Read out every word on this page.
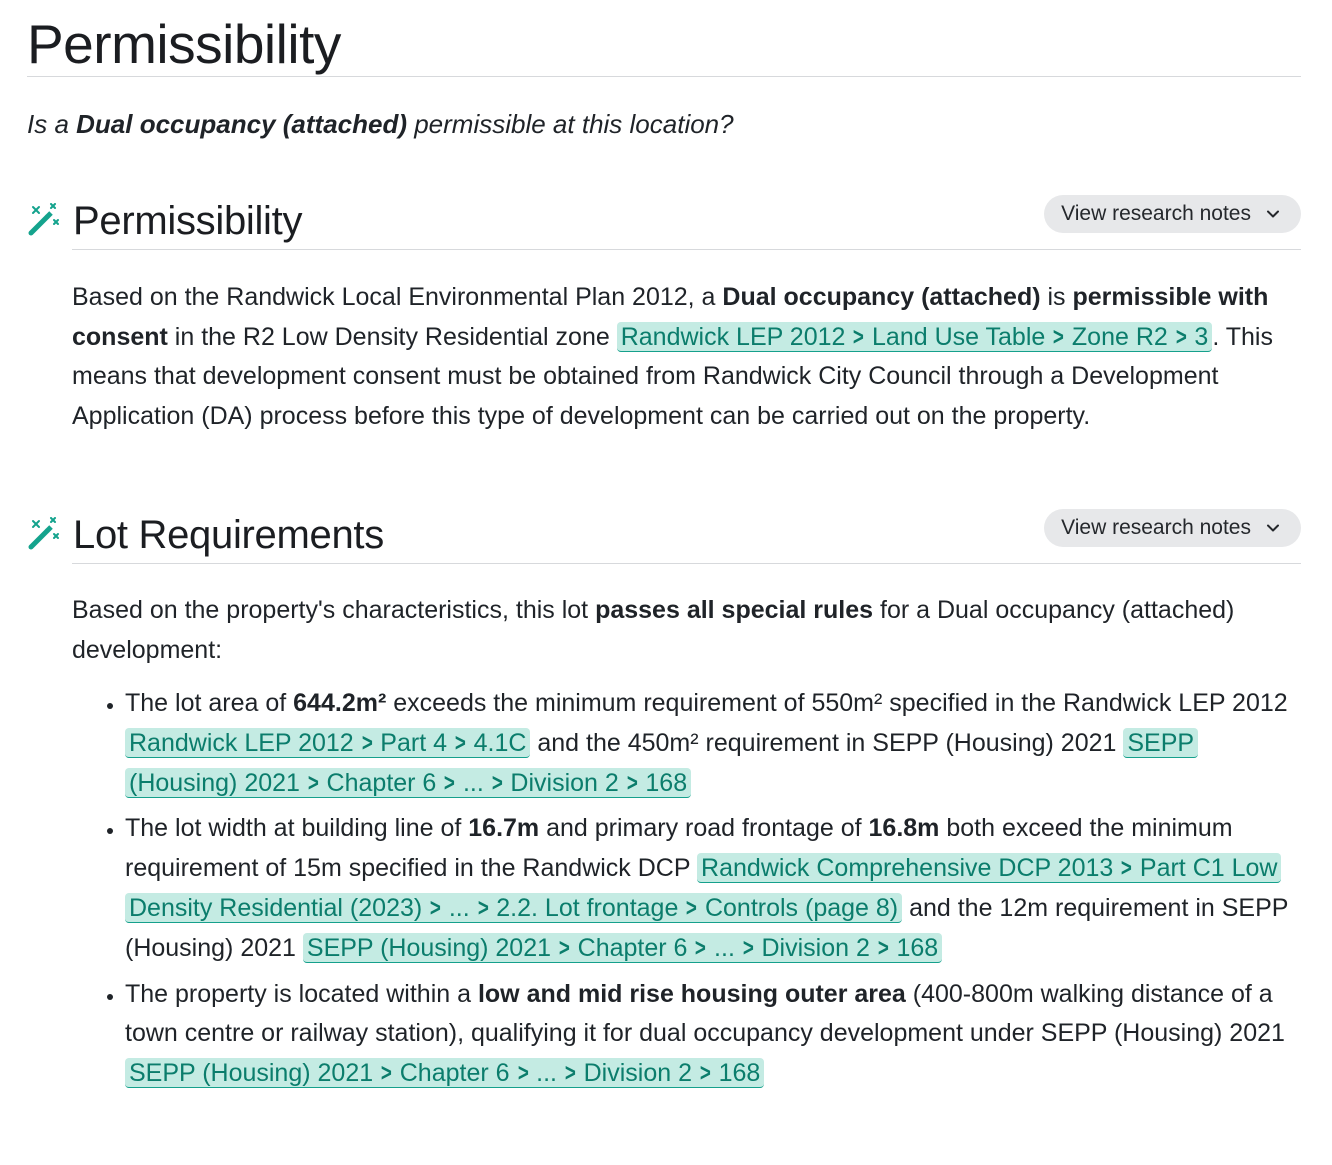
Permissibility
Is a Dual occupancy (attached) permissible at this location?
Permissibility	View research notes
Based on the Randwick Local Environmental Plan 2012, a Dual occupancy (attached) is permissible with consent in the R2 Low Density Residential zone Randwick LEP 2012 > Land Use Table > Zone R2 > 3 . This means that development consent must be obtained from Randwick City Council through a Development Application (DA) process before this type of development can be carried out on the property.
Lot Requirements	View research notes
Based on the property's characteristics, this lot passes all special rules for a Dual occupancy (attached) development:
• The lot area of 644.2m² exceeds the minimum requirement of 550m² specified in the Randwick LEP 2012 Randwick LEP 2012 > Part 4 > 4.1C and the 450m² requirement in SEPP (Housing) 2021 SEPP (Housing) 2021 > Chapter 6 > ... > Division 2 > 168
• The lot width at building line of 16.7m and primary road frontage of 16.8m both exceed the minimum requirement of 15m specified in the Randwick DCP Randwick Comprehensive DCP 2013 > Part C1 Low Density Residential (2023) > ... > 2.2. Lot frontage > Controls (page 8) and the 12m requirement in SEPP (Housing) 2021 SEPP (Housing) 2021 > Chapter 6 > ... > Division 2 > 168
• The property is located within a low and mid rise housing outer area (400-800m walking distance of a town centre or railway station), qualifying it for dual occupancy development under SEPP (Housing) 2021 SEPP (Housing) 2021 > Chapter 6 > ... > Division 2 > 168
